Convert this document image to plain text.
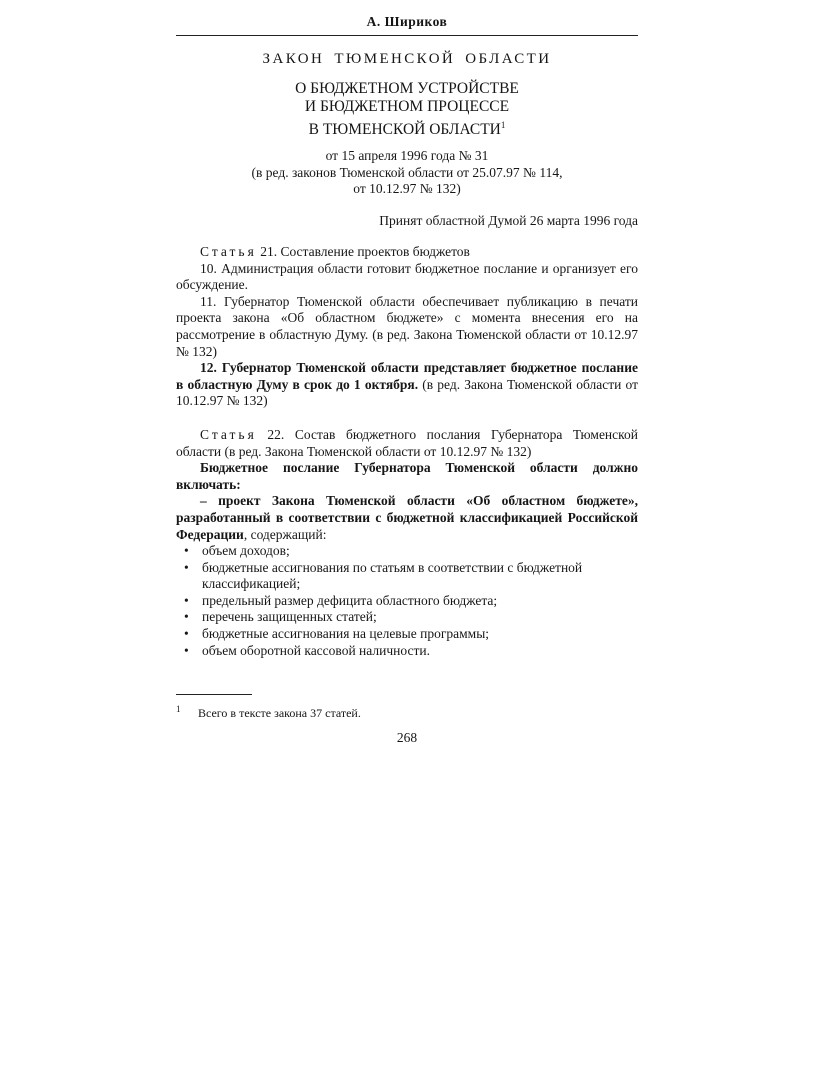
А. Шириков
ЗАКОН ТЮМЕНСКОЙ ОБЛАСТИ
О БЮДЖЕТНОМ УСТРОЙСТВЕ
И БЮДЖЕТНОМ ПРОЦЕССЕ
В ТЮМЕНСКОЙ ОБЛАСТИ$^1$
от 15 апреля 1996 года № 31
(в ред. законов Тюменской области от 25.07.97 № 114,
от 10.12.97 № 132)
Принят областной Думой 26 марта 1996 года

Статья 21. Составление проектов бюджетов

10. Администрация области готовит бюджетное послание и организует его обсуждение.

11. Губернатор Тюменской области обеспечивает публикацию в печати проекта закона «Об областном бюджете» с момента внесения его на рассмотрение в областную Думу. (в ред. Закона Тюменской области от 10.12.97 № 132)

12. Губернатор Тюменской области представляет бюджетное послание в областную Думу в срок до 1 октября. (в ред. Закона Тюменской области от 10.12.97 № 132)

Статья 22. Состав бюджетного послания Губернатора Тюменской области (в ред. Закона Тюменской области от 10.12.97 № 132)

Бюджетное послание Губернатора Тюменской области должно включать:

– проект Закона Тюменской области «Об областном бюджете», разработанный в соответствии с бюджетной классификацией Российской Федерации, содержащий:

• объем доходов;
• бюджетные ассигнования по статьям в соответствии с бюджетной классификацией;
• предельный размер дефицита областного бюджета;
• перечень защищенных статей;
• бюджетные ассигнования на целевые программы;
• объем оборотной кассовой наличности.
1 Всего в тексте закона 37 статей.
268
